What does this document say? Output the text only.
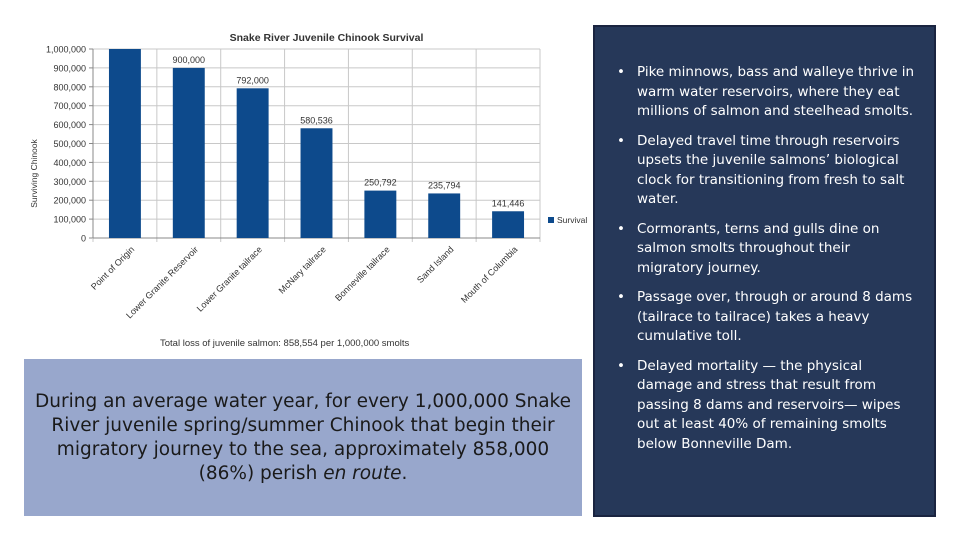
0
100,000
200,000
300,000
400,000
500,000
600,000
700,000
800,000
900,000
1,000,000
Point of Origin
900,000
Lower Granite Reservoir
792,000
Lower Granite tailrace
580,536
McNary tailrace
250,792
Bonneville tailrace
235,794
Sand Island
141,446
Mouth of Columbia
Snake River Juvenile Chinook Survival
Surviving Chinook
Survival
Total loss of juvenile salmon: 858,554 per 1,000,000 smolts

During an average water year, for every 1,000,000 Snake River juvenile spring/summer Chinook that begin their migratory journey to the sea, approximately 858,000 (86%) perish en route.

• Pike minnows, bass and walleye thrive in warm water reservoirs, where they eat millions of salmon and steelhead smolts.
• Delayed travel time through reservoirs upsets the juvenile salmons’ biological clock for transitioning from fresh to salt water.
• Cormorants, terns and gulls dine on salmon smolts throughout their migratory journey.
• Passage over, through or around 8 dams (tailrace to tailrace) takes a heavy cumulative toll.
• Delayed mortality — the physical damage and stress that result from passing 8 dams and reservoirs— wipes out at least 40% of remaining smolts below Bonneville Dam.
